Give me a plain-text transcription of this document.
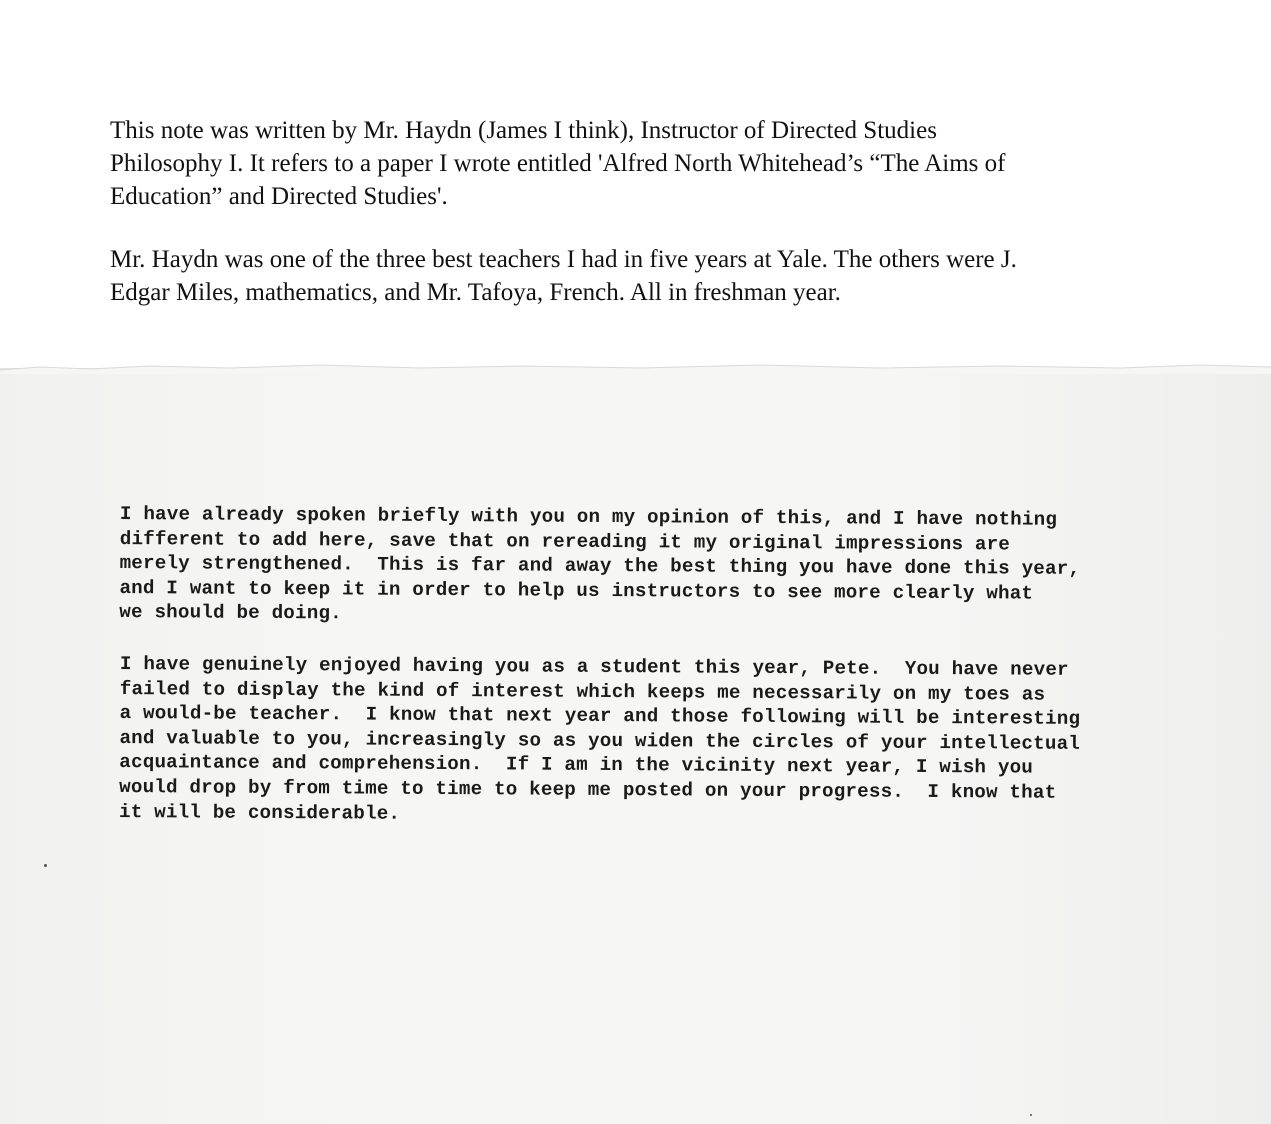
This note was written by Mr. Haydn (James I think), Instructor of Directed Studies
Philosophy I. It refers to a paper I wrote entitled 'Alfred North Whitehead’s “The Aims of
Education” and Directed Studies'.

Mr. Haydn was one of the three best teachers I had in five years at Yale. The others were J.
Edgar Miles, mathematics, and Mr. Tafoya, French. All in freshman year.

I have already spoken briefly with you on my opinion of this, and I have nothing
different to add here, save that on rereading it my original impressions are
merely strengthened.  This is far and away the best thing you have done this year,
and I want to keep it in order to help us instructors to see more clearly what
we should be doing.

I have genuinely enjoyed having you as a student this year, Pete.  You have never
failed to display the kind of interest which keeps me necessarily on my toes as
a would-be teacher.  I know that next year and those following will be interesting
and valuable to you, increasingly so as you widen the circles of your intellectual
acquaintance and comprehension.  If I am in the vicinity next year, I wish you
would drop by from time to time to keep me posted on your progress.  I know that
it will be considerable.
